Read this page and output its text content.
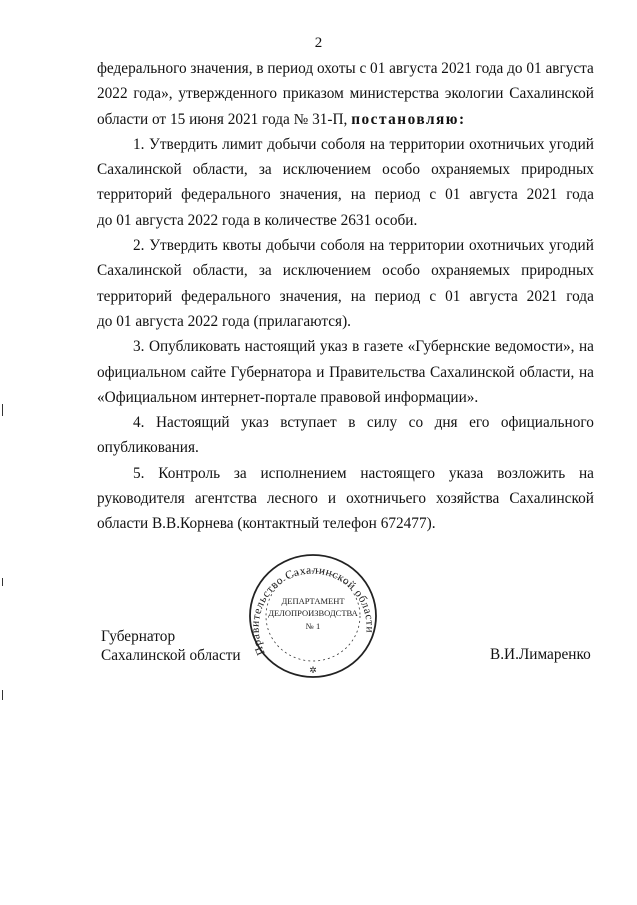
2
федерального значения, в период охоты с 01 августа 2021 года до 01 августа
2022 года», утвержденного приказом министерства экологии Сахалинской
области
от
15
июня
2021
года
№
31-П,
постановляю:
1. Утвердить лимит добычи соболя на территории охотничьих угодий
Сахалинской области, за исключением особо охраняемых природных
территорий федерального значения, на период с 01 августа 2021 года
до
01
августа
2022
года
в
количестве
2631
особи.
2. Утвердить квоты добычи соболя на территории охотничьих угодий
Сахалинской области, за исключением особо охраняемых природных
территорий федерального значения, на период с 01 августа 2021 года
до
01
августа
2022
года
(прилагаются).
3. Опубликовать настоящий указ в газете «Губернские ведомости», на
официальном сайте Губернатора и Правительства Сахалинской области, на
«Официальном
интернет-портале
правовой
информации».
4. Настоящий указ вступает в силу со дня его официального
опубликования.
5. Контроль за исполнением настоящего указа возложить на
руководителя агентства лесного и охотничьего хозяйства Сахалинской
области
В.В.Корнева
(контактный
телефон
672477).
Правительство Сахалинской области
ДЕПАРТАМЕНТ
ДЕЛОПРОИЗВОДСТВА
№ 1
✲
Губернатор
Сахалинской области	В.И.Лимаренко
